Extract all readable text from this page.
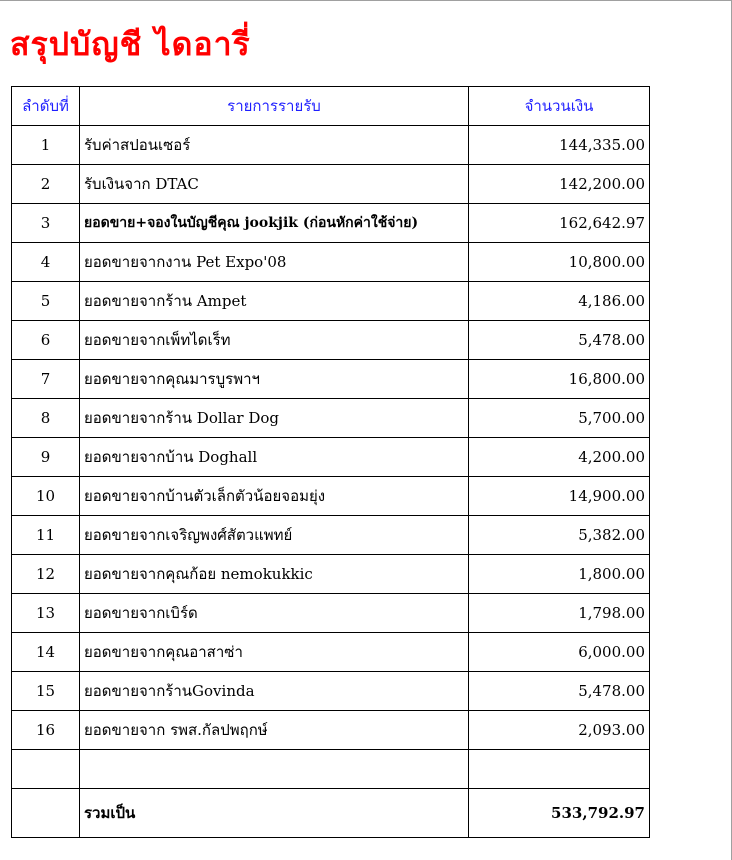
สรุปบัญชี ไดอารี่
ลำดับที่	รายการรายรับ	จำนวนเงิน
1	รับค่าสปอนเซอร์	144,335.00
2	รับเงินจาก DTAC	142,200.00
3	ยอดขาย+จองในบัญชีคุณ jookjik (ก่อนหักค่าใช้จ่าย)	162,642.97
4	ยอดขายจากงาน Pet Expo'08	10,800.00
5	ยอดขายจากร้าน Ampet	4,186.00
6	ยอดขายจากเพ็ทไดเร็ท	5,478.00
7	ยอดขายจากคุณมารบูรพาฯ	16,800.00
8	ยอดขายจากร้าน Dollar Dog	5,700.00
9	ยอดขายจากบ้าน Doghall	4,200.00
10	ยอดขายจากบ้านตัวเล็กตัวน้อยจอมยุ่ง	14,900.00
11	ยอดขายจากเจริญพงศ์สัตวแพทย์	5,382.00
12	ยอดขายจากคุณก้อย nemokukkic	1,800.00
13	ยอดขายจากเบิร์ด	1,798.00
14	ยอดขายจากคุณอาสาซ่า	6,000.00
15	ยอดขายจากร้านGovinda	5,478.00
16	ยอดขายจาก รพส.กัลปพฤกษ์	2,093.00

	รวมเป็น	533,792.97
